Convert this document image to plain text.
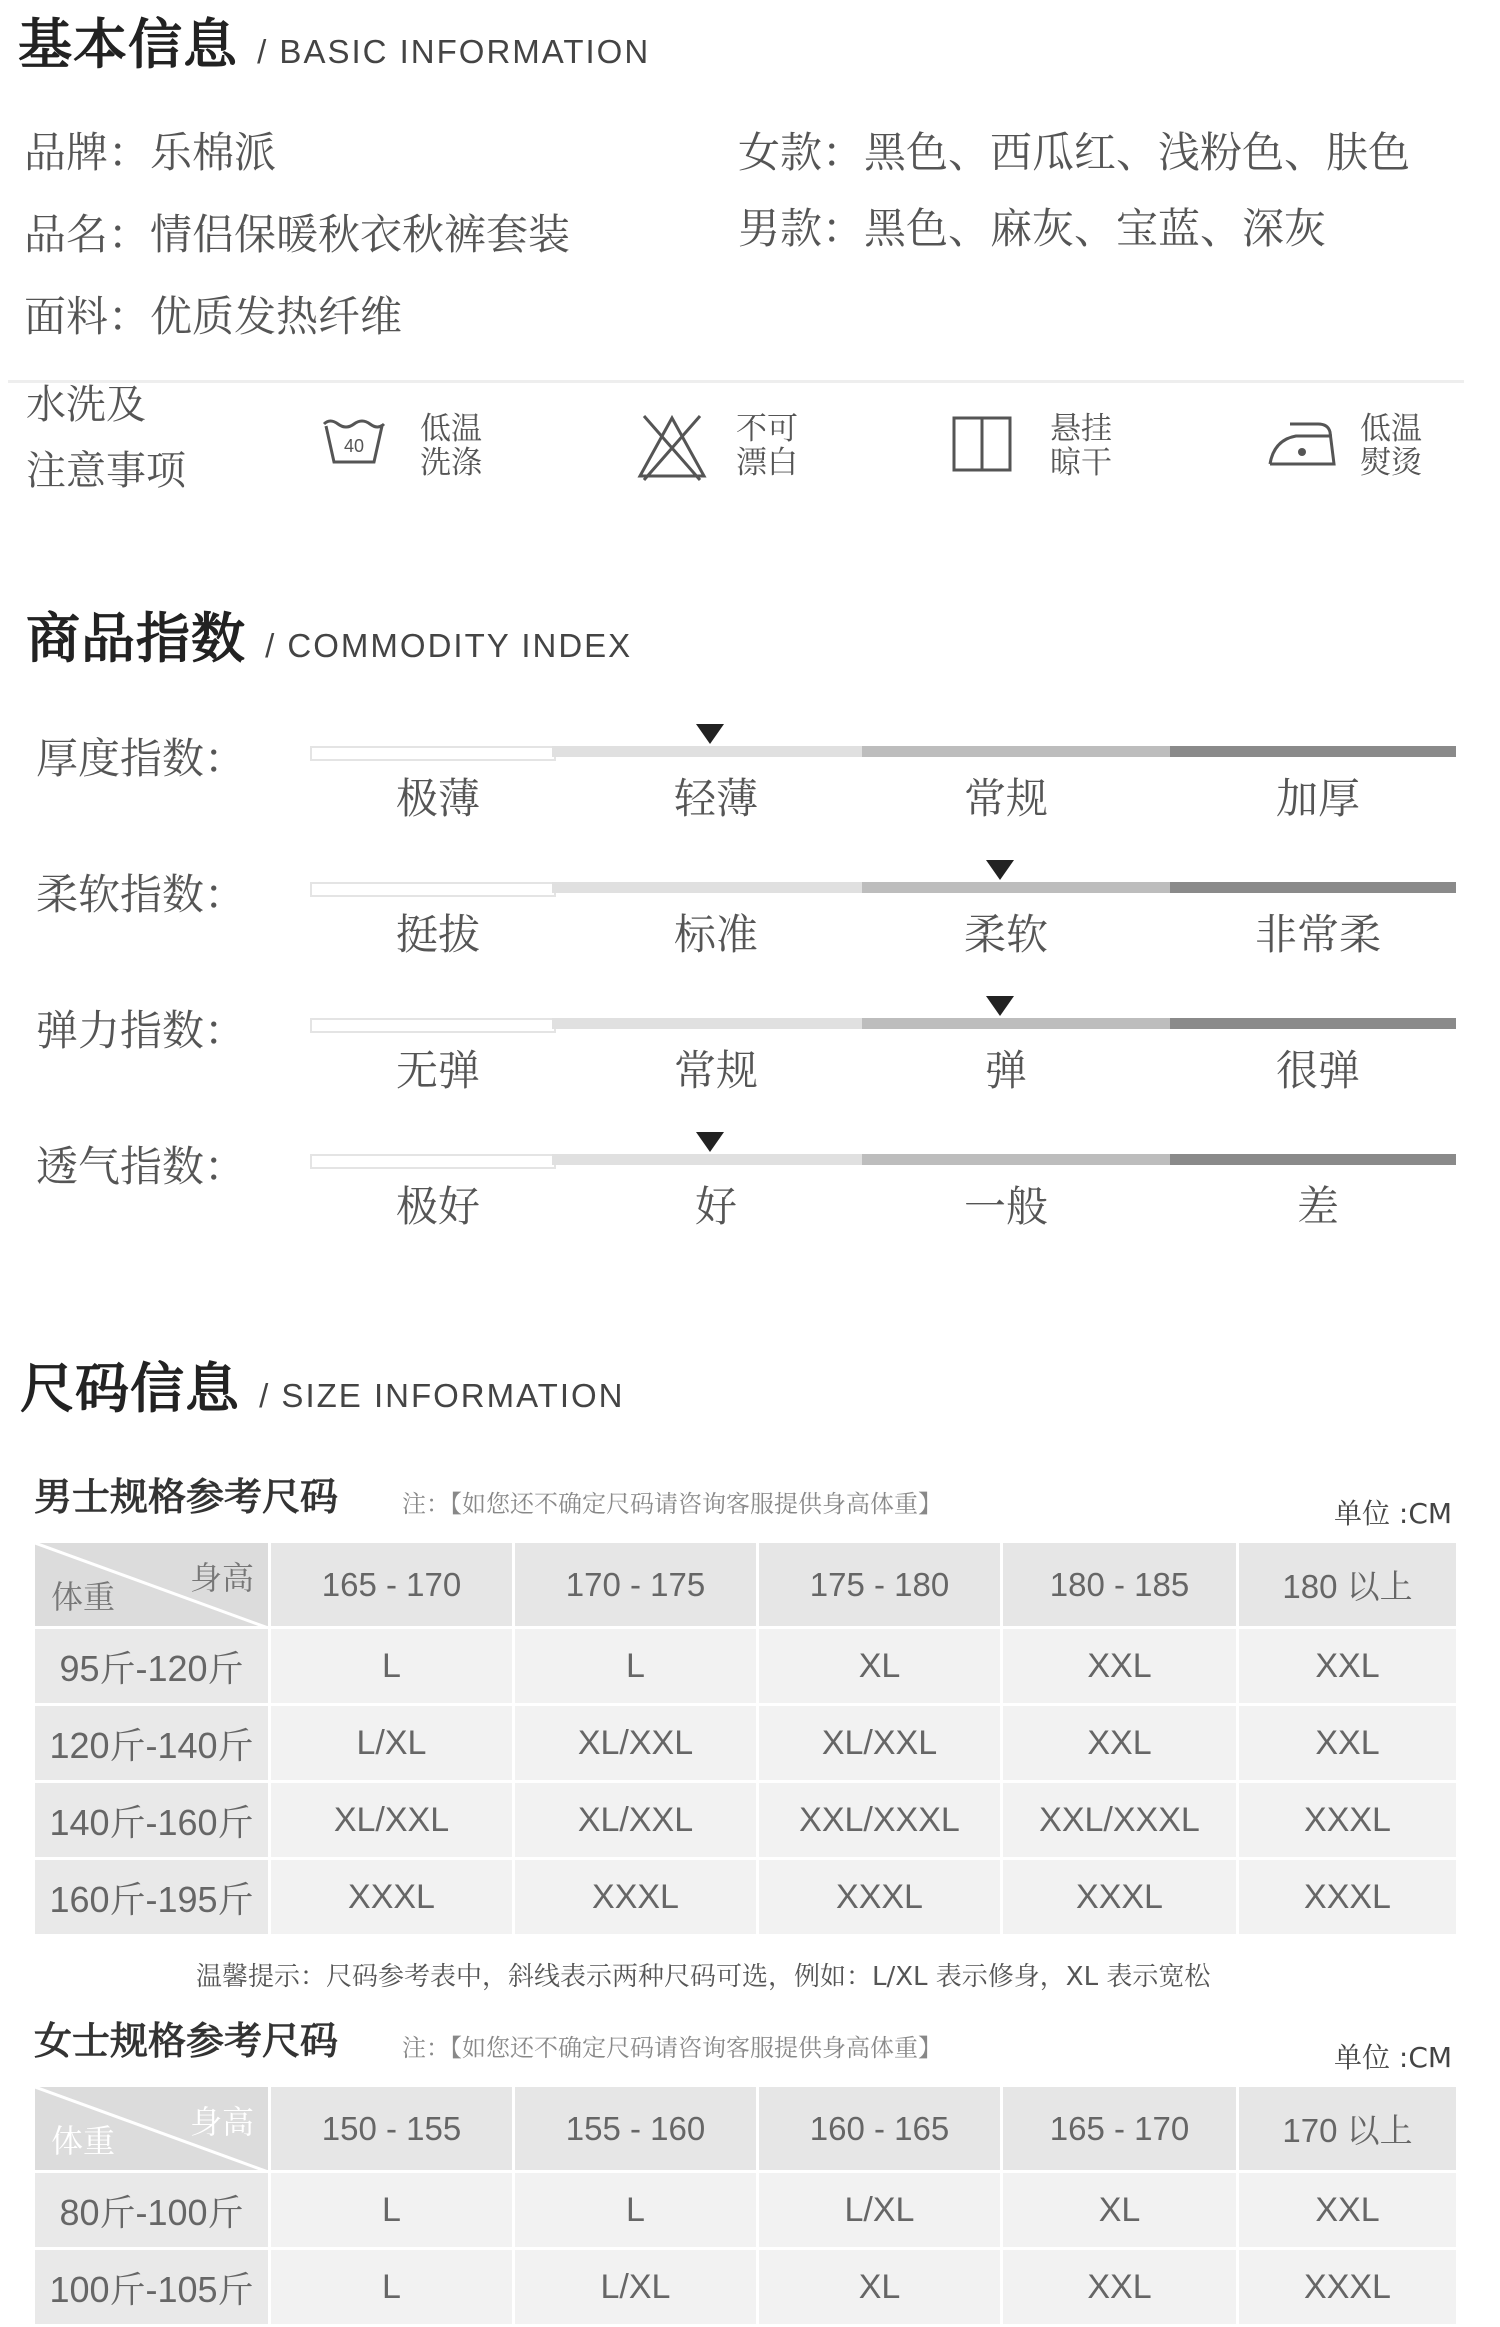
基本信息 / BASIC INFORMATION
品牌：乐棉派
品名：情侣保暖秋衣秋裤套装
面料：优质发热纤维
女款：黑色、西瓜红、浅粉色、肤色
男款：黑色、麻灰、宝蓝、深灰
水洗及
注意事项
40 低温
洗涤
不可
漂白
悬挂
晾干
低温
熨烫
商品指数 / COMMODITY INDEX
厚度指数：
极薄	轻薄	常规	加厚
柔软指数：
挺拔	标准	柔软	非常柔
弹力指数：
无弹	常规	弹	很弹
透气指数：
极好	好	一般	差
尺码信息 / SIZE INFORMATION
男士规格参考尺码	注：【如您还不确定尺码请咨询客服提供身高体重】	单位 :CM
身高
体重	165 - 170	170 - 175	175 - 180	180 - 185	180 以上
95斤-120斤	L	L	XL	XXL	XXL
120斤-140斤	L/XL	XL/XXL	XL/XXL	XXL	XXL
140斤-160斤	XL/XXL	XL/XXL	XXL/XXXL	XXL/XXXL	XXXL
160斤-195斤	XXXL	XXXL	XXXL	XXXL	XXXL
温馨提示：尺码参考表中，斜线表示两种尺码可选，例如：L/XL 表示修身，XL 表示宽松
女士规格参考尺码	注：【如您还不确定尺码请咨询客服提供身高体重】	单位 :CM
身高
体重	150 - 155	155 - 160	160 - 165	165 - 170	170 以上
80斤-100斤	L	L	L/XL	XL	XXL
100斤-105斤	L	L/XL	XL	XXL	XXXL
